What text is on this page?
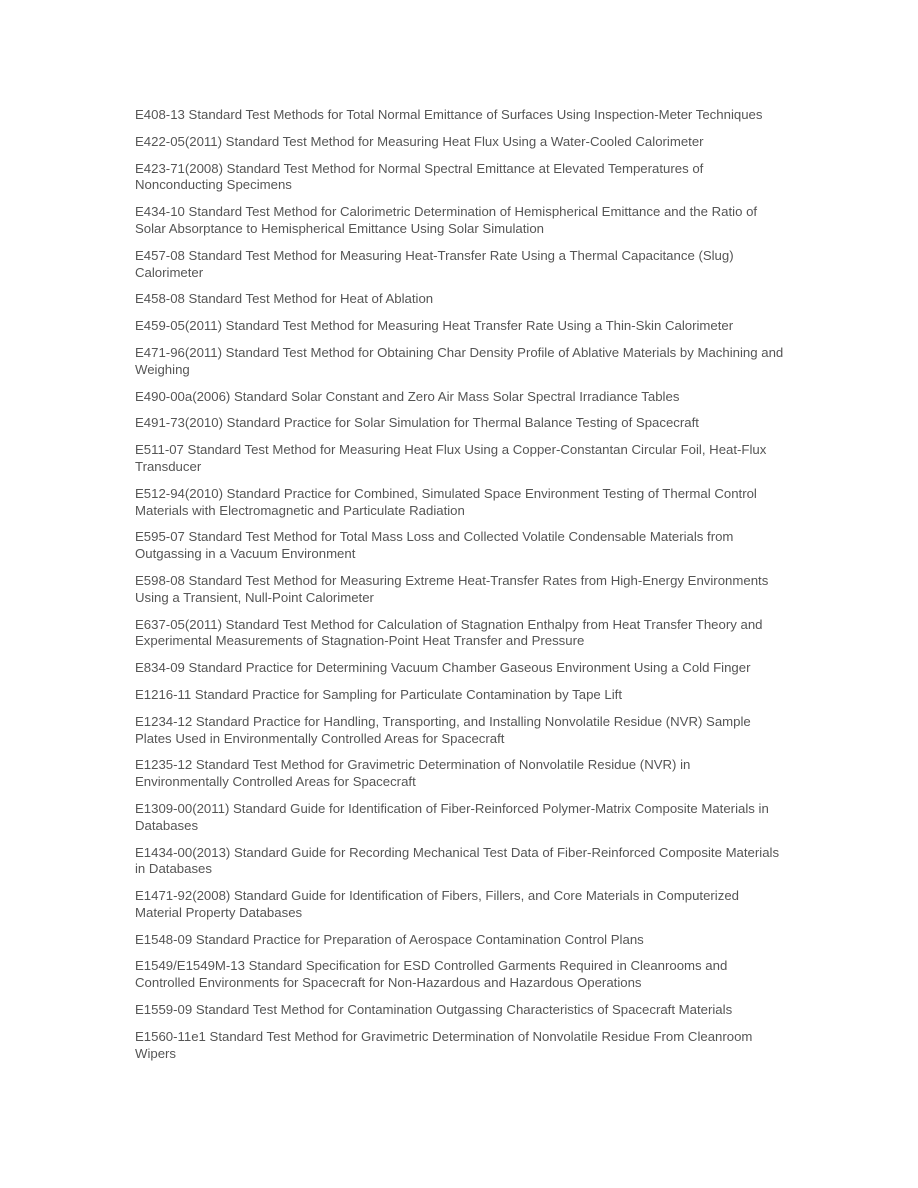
E408-13 Standard Test Methods for Total Normal Emittance of Surfaces Using Inspection-Meter Techniques

E422-05(2011) Standard Test Method for Measuring Heat Flux Using a Water-Cooled Calorimeter

E423-71(2008) Standard Test Method for Normal Spectral Emittance at Elevated Temperatures of Nonconducting Specimens

E434-10 Standard Test Method for Calorimetric Determination of Hemispherical Emittance and the Ratio of Solar Absorptance to Hemispherical Emittance Using Solar Simulation

E457-08 Standard Test Method for Measuring Heat-Transfer Rate Using a Thermal Capacitance (Slug) Calorimeter

E458-08 Standard Test Method for Heat of Ablation

E459-05(2011) Standard Test Method for Measuring Heat Transfer Rate Using a Thin-Skin Calorimeter

E471-96(2011) Standard Test Method for Obtaining Char Density Profile of Ablative Materials by Machining and Weighing

E490-00a(2006) Standard Solar Constant and Zero Air Mass Solar Spectral Irradiance Tables

E491-73(2010) Standard Practice for Solar Simulation for Thermal Balance Testing of Spacecraft

E511-07 Standard Test Method for Measuring Heat Flux Using a Copper-Constantan Circular Foil, Heat-Flux Transducer

E512-94(2010) Standard Practice for Combined, Simulated Space Environment Testing of Thermal Control Materials with Electromagnetic and Particulate Radiation

E595-07 Standard Test Method for Total Mass Loss and Collected Volatile Condensable Materials from Outgassing in a Vacuum Environment

E598-08 Standard Test Method for Measuring Extreme Heat-Transfer Rates from High-Energy Environments Using a Transient, Null-Point Calorimeter

E637-05(2011) Standard Test Method for Calculation of Stagnation Enthalpy from Heat Transfer Theory and Experimental Measurements of Stagnation-Point Heat Transfer and Pressure

E834-09 Standard Practice for Determining Vacuum Chamber Gaseous Environment Using a Cold Finger

E1216-11 Standard Practice for Sampling for Particulate Contamination by Tape Lift

E1234-12 Standard Practice for Handling, Transporting, and Installing Nonvolatile Residue (NVR) Sample Plates Used in Environmentally Controlled Areas for Spacecraft

E1235-12 Standard Test Method for Gravimetric Determination of Nonvolatile Residue (NVR) in Environmentally Controlled Areas for Spacecraft

E1309-00(2011) Standard Guide for Identification of Fiber-Reinforced Polymer-Matrix Composite Materials in Databases

E1434-00(2013) Standard Guide for Recording Mechanical Test Data of Fiber-Reinforced Composite Materials in Databases

E1471-92(2008) Standard Guide for Identification of Fibers, Fillers, and Core Materials in Computerized Material Property Databases

E1548-09 Standard Practice for Preparation of Aerospace Contamination Control Plans

E1549/E1549M-13 Standard Specification for ESD Controlled Garments Required in Cleanrooms and Controlled Environments for Spacecraft for Non-Hazardous and Hazardous Operations

E1559-09 Standard Test Method for Contamination Outgassing Characteristics of Spacecraft Materials

E1560-11e1 Standard Test Method for Gravimetric Determination of Nonvolatile Residue From Cleanroom Wipers
